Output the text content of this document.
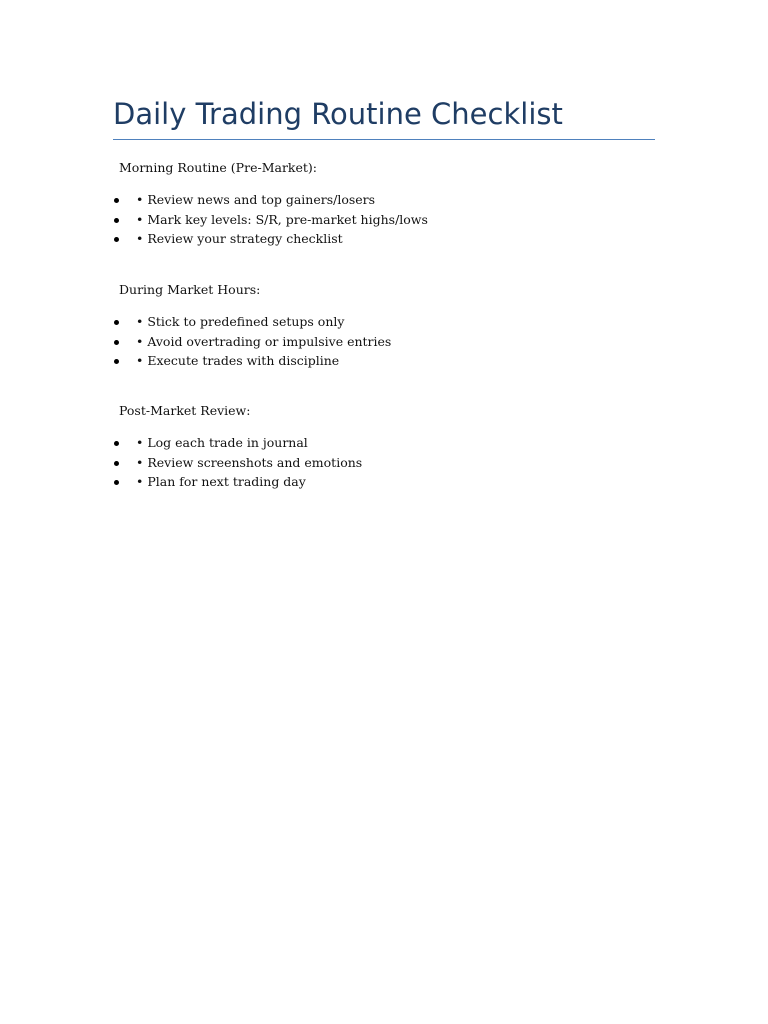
Daily Trading Routine Checklist

Morning Routine (Pre-Market):

• Review news and top gainers/losers
• Mark key levels: S/R, pre-market highs/lows
• Review your strategy checklist

During Market Hours:

• Stick to predefined setups only
• Avoid overtrading or impulsive entries
• Execute trades with discipline

Post-Market Review:

• Log each trade in journal
• Review screenshots and emotions
• Plan for next trading day
